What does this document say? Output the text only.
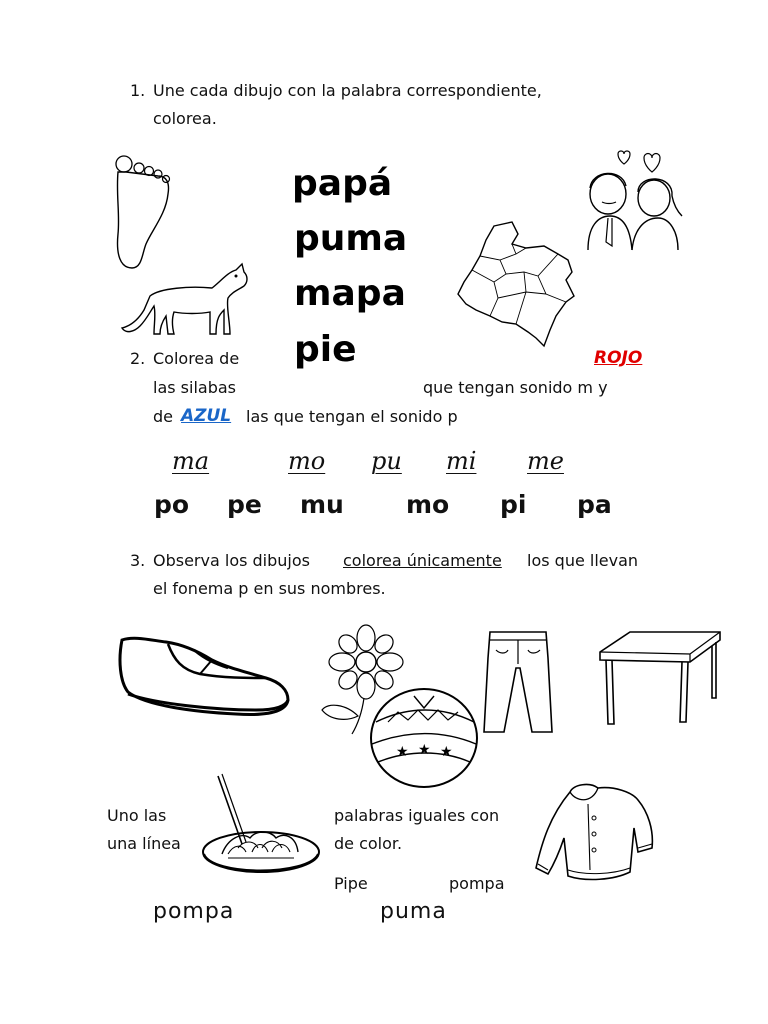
1. Une cada dibujo con la palabra correspondiente,
colorea.
papá
puma
mapa
pie
2. Colorea de	ROJO
las silabas	que tengan sonido m y
de AZUL las que tengan el sonido p
ma	mo pu mi me
po pe mu mo pi pa
3. Observa los dibujos colorea únicamente los que llevan
el fonema p en sus nombres.
★ ★ ★
Uno las
una línea
palabras iguales con
de color.
Pipe	pompa
pompa	puma
